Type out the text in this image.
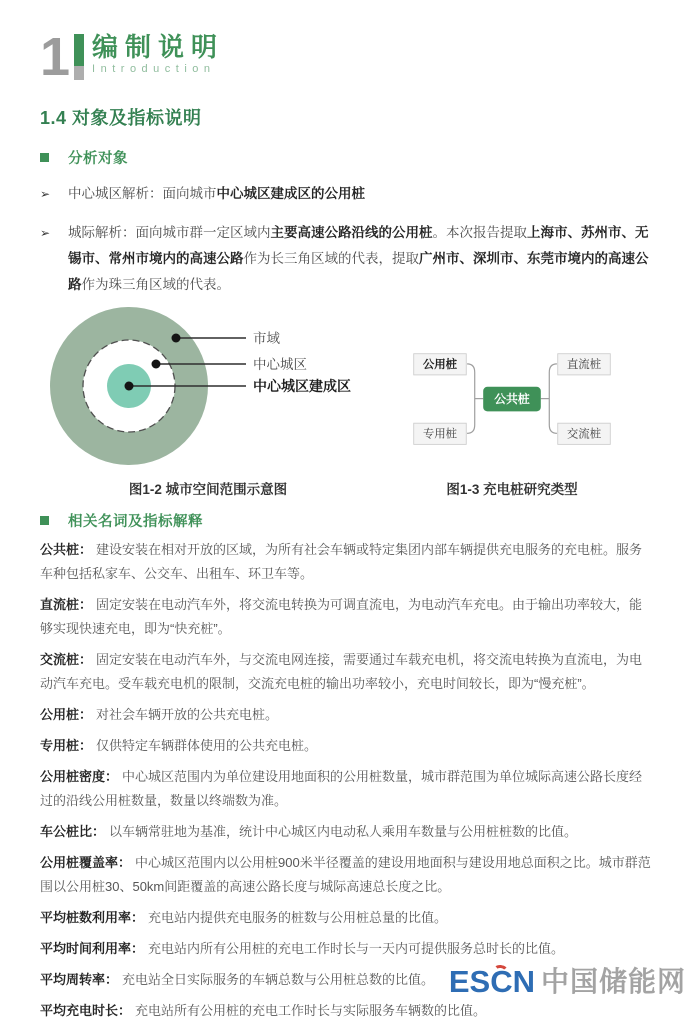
1 编制说明
Introduction
1.4 对象及指标说明
分析对象
➢	中心城区解析：面向城市中心城区建成区的公用桩

➢	城际解析：面向城市群一定区域内主要高速公路沿线的公用桩。本次报告提取上海市、苏州市、无锡市、常州市境内的高速公路作为长三角区域的代表，提取广州市、深圳市、东莞市境内的高速公路作为珠三角区域的代表。

市域
中心城区
中心城区建成区
公用桩
专用桩
直流桩
交流桩
公共桩
图1-2 城市空间范围示意图	图1-3 充电桩研究类型
相关名词及指标解释

公共桩： 建设安装在相对开放的区域，为所有社会车辆或特定集团内部车辆提供充电服务的充电桩。服务车种包括私家车、公交车、出租车、环卫车等。

直流桩： 固定安装在电动汽车外，将交流电转换为可调直流电，为电动汽车充电。由于输出功率较大，能够实现快速充电，即为“快充桩”。

交流桩： 固定安装在电动汽车外，与交流电网连接，需要通过车载充电机，将交流电转换为直流电，为电动汽车充电。受车载充电机的限制，交流充电桩的输出功率较小，充电时间较长，即为“慢充桩”。

公用桩： 对社会车辆开放的公共充电桩。

专用桩： 仅供特定车辆群体使用的公共充电桩。

公用桩密度： 中心城区范围内为单位建设用地面积的公用桩数量，城市群范围为单位城际高速公路长度经过的沿线公用桩数量，数量以终端数为准。

车公桩比： 以车辆常驻地为基准，统计中心城区内电动私人乘用车数量与公用桩桩数的比值。

公用桩覆盖率： 中心城区范围内以公用桩900米半径覆盖的建设用地面积与建设用地总面积之比。城市群范围以公用桩30、50km间距覆盖的高速公路长度与城际高速总长度之比。

平均桩数利用率： 充电站内提供充电服务的桩数与公用桩总量的比值。

平均时间利用率： 充电站内所有公用桩的充电工作时长与一天内可提供服务总时长的比值。

平均周转率： 充电站全日实际服务的车辆总数与公用桩总数的比值。

平均充电时长： 充电站所有公用桩的充电工作时长与实际服务车辆数的比值。

ESCN 中国储能网
